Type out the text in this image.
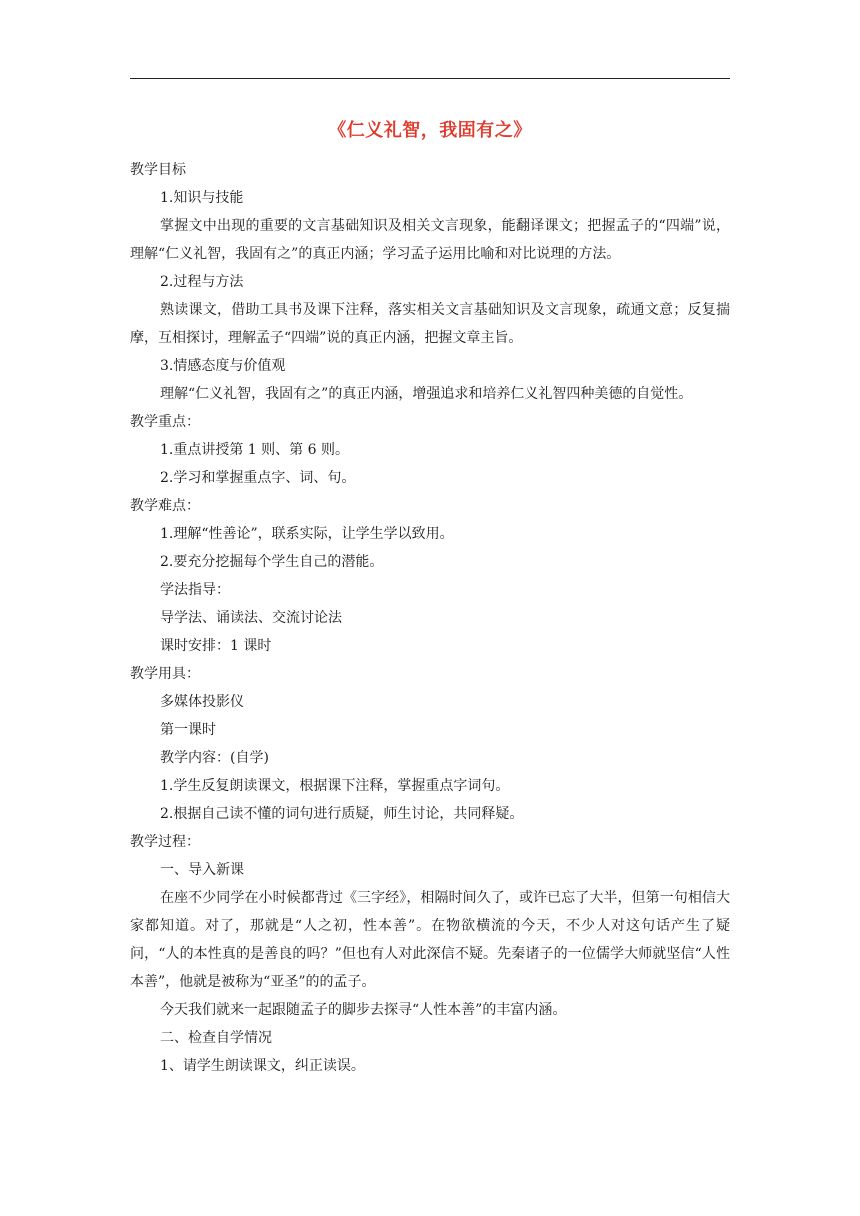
《仁义礼智，我固有之》
教学目标
1.知识与技能
掌握文中出现的重要的文言基础知识及相关文言现象，能翻译课文；把握孟子的“四端”说，理解“仁义礼智，我固有之”的真正内涵；学习孟子运用比喻和对比说理的方法。
2.过程与方法
熟读课文，借助工具书及课下注释，落实相关文言基础知识及文言现象，疏通文意；反复揣摩，互相探讨，理解孟子“四端”说的真正内涵，把握文章主旨。
3.情感态度与价值观
理解“仁义礼智，我固有之”的真正内涵，增强追求和培养仁义礼智四种美德的自觉性。
教学重点：
1.重点讲授第 1 则、第 6 则。
2.学习和掌握重点字、词、句。
教学难点：
1.理解“性善论”，联系实际，让学生学以致用。
2.要充分挖掘每个学生自己的潜能。
学法指导：
导学法、诵读法、交流讨论法
课时安排：1 课时
教学用具：
多媒体投影仪
第一课时
教学内容：(自学)
1.学生反复朗读课文，根据课下注释，掌握重点字词句。
2.根据自己读不懂的词句进行质疑，师生讨论，共同释疑。
教学过程：
一、导入新课
在座不少同学在小时候都背过《三字经》，相隔时间久了，或许已忘了大半，但第一句相信大家都知道。对了，那就是“人之初，性本善”。在物欲横流的今天，不少人对这句话产生了疑问，“人的本性真的是善良的吗？”但也有人对此深信不疑。先秦诸子的一位儒学大师就坚信“人性本善”，他就是被称为“亚圣”的的孟子。
今天我们就来一起跟随孟子的脚步去探寻“人性本善”的丰富内涵。
二、检查自学情况
1、请学生朗读课文，纠正读误。
